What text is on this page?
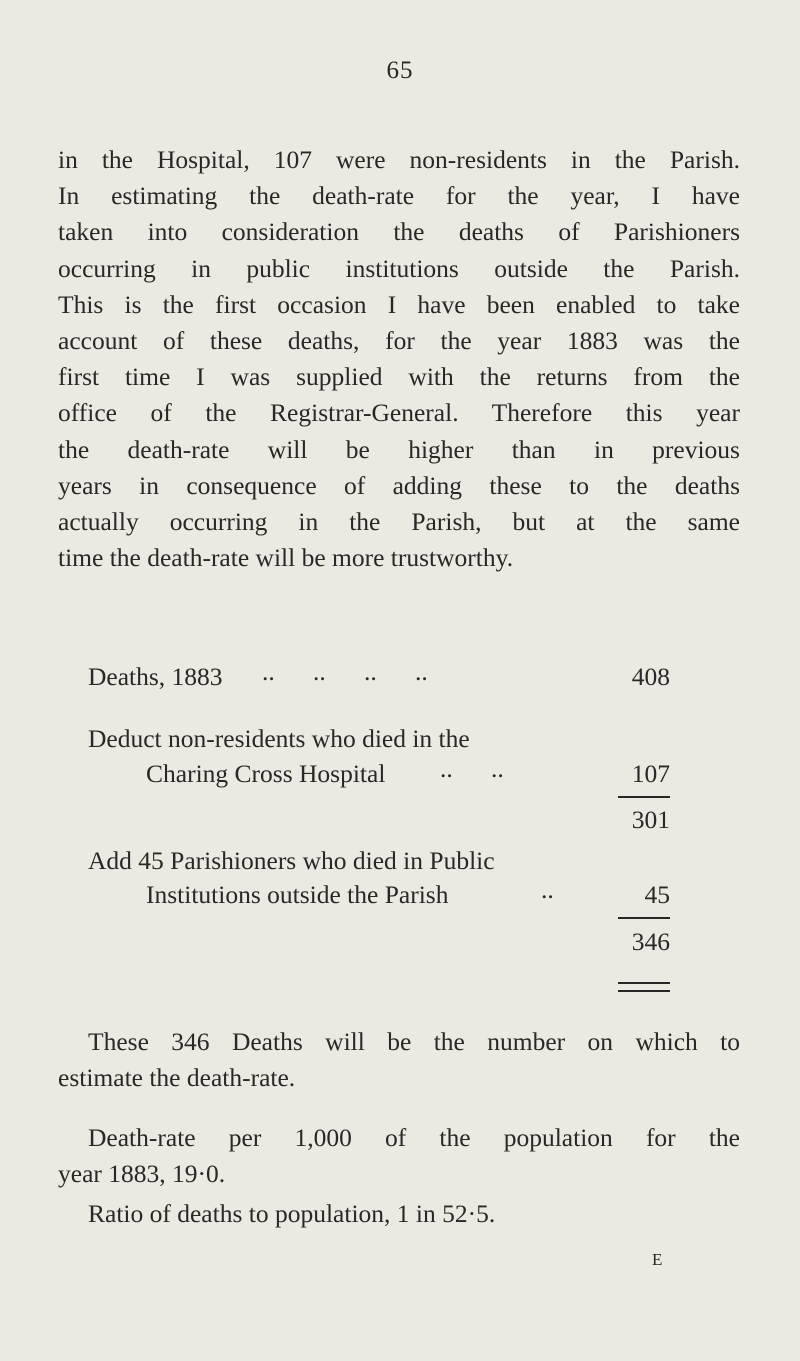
65
in the Hospital, 107 were non-residents in the Parish.
In estimating the death-rate for the year, I have
taken into consideration the deaths of Parishioners
occurring in public institutions outside the Parish.
This is the first occasion I have been enabled to take
account of these deaths, for the year 1883 was the
first time I was supplied with the returns from the
office of the Registrar-General. Therefore this year
the death-rate will be higher than in previous
years in consequence of adding these to the deaths
actually occurring in the Parish, but at the same
time the death-rate will be more trustworthy.
Deaths, 1883 ..      ..      ..      ..	408
Deduct non-residents who died in the
Charing Cross Hospital ..      ..	107
301
Add 45 Parishioners who died in Public
Institutions outside the Parish	..	45
346
These 346 Deaths will be the number on which to
estimate the death-rate.
Death-rate per 1,000 of the population for the
year 1883, 19·0.
Ratio of deaths to population, 1 in 52·5.
E
